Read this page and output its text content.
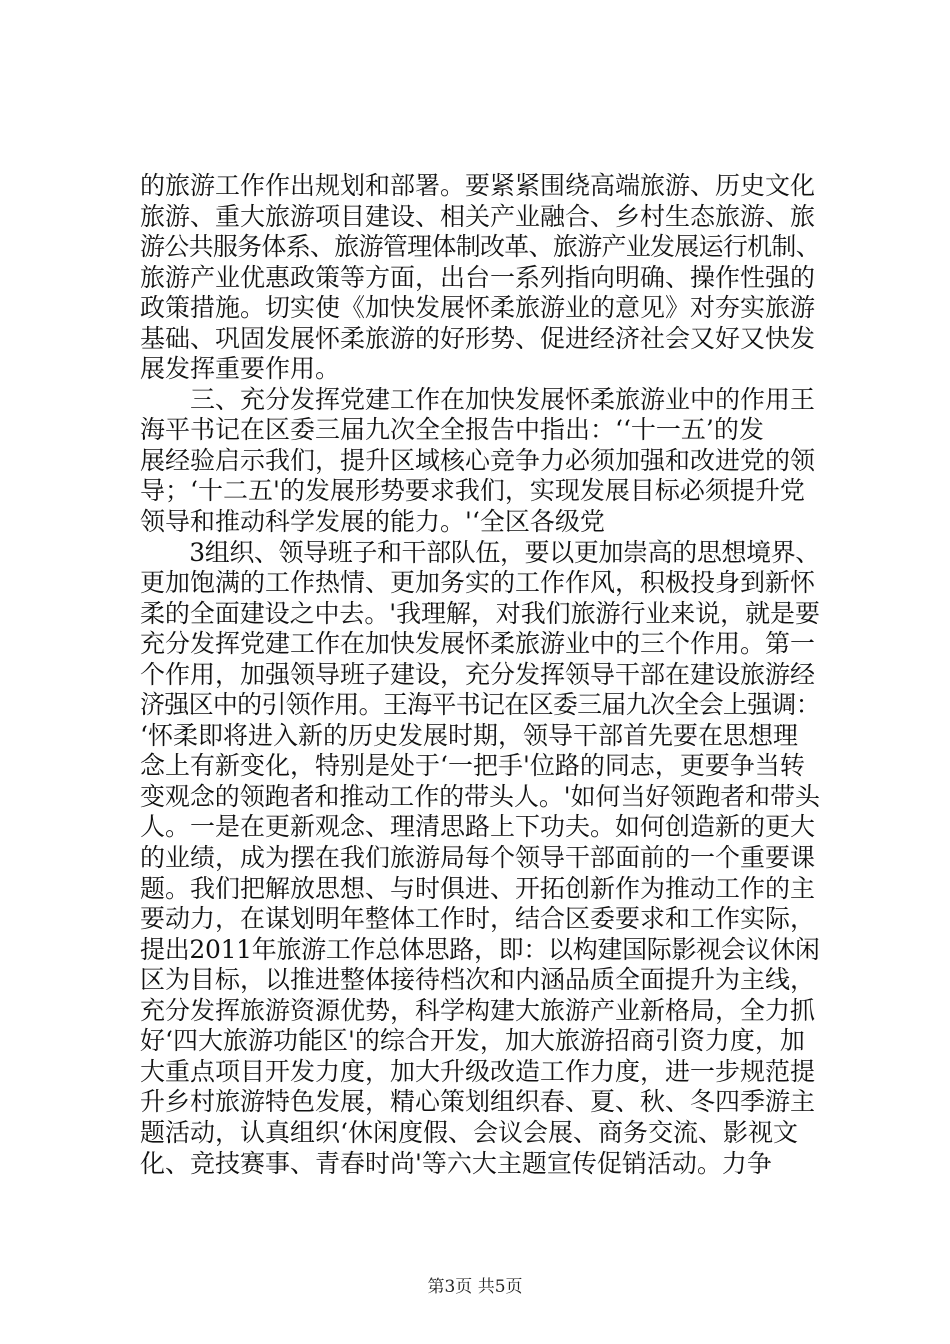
的旅游工作作出规划和部署。要紧紧围绕高端旅游、历史文化
旅游、重大旅游项目建设、相关产业融合、乡村生态旅游、旅
游公共服务体系、旅游管理体制改革、旅游产业发展运行机制、
旅游产业优惠政策等方面，出台一系列指向明确、操作性强的
政策措施。切实使《加快发展怀柔旅游业的意见》对夯实旅游
基础、巩固发展怀柔旅游的好形势、促进经济社会又好又快发
展发挥重要作用。
　　三、充分发挥党建工作在加快发展怀柔旅游业中的作用王
海平书记在区委三届九次全全报告中指出：‘‘十一五’的发
展经验启示我们，提升区域核心竞争力必须加强和改进党的领
导；‘十二五'的发展形势要求我们，实现发展目标必须提升党
领导和推动科学发展的能力。'‘全区各级党
　　3组织、领导班子和干部队伍，要以更加崇高的思想境界、
更加饱满的工作热情、更加务实的工作作风，积极投身到新怀
柔的全面建设之中去。'我理解，对我们旅游行业来说，就是要
充分发挥党建工作在加快发展怀柔旅游业中的三个作用。第一
个作用，加强领导班子建设，充分发挥领导干部在建设旅游经
济强区中的引领作用。王海平书记在区委三届九次全会上强调：
‘怀柔即将进入新的历史发展时期，领导干部首先要在思想理
念上有新变化，特别是处于‘一把手'位路的同志，更要争当转
变观念的领跑者和推动工作的带头人。'如何当好领跑者和带头
人。一是在更新观念、理清思路上下功夫。如何创造新的更大
的业绩，成为摆在我们旅游局每个领导干部面前的一个重要课
题。我们把解放思想、与时俱进、开拓创新作为推动工作的主
要动力，在谋划明年整体工作时，结合区委要求和工作实际，
提出2011年旅游工作总体思路，即：以构建国际影视会议休闲
区为目标，以推进整体接待档次和内涵品质全面提升为主线，
充分发挥旅游资源优势，科学构建大旅游产业新格局，全力抓
好‘四大旅游功能区'的综合开发，加大旅游招商引资力度，加
大重点项目开发力度，加大升级改造工作力度，进一步规范提
升乡村旅游特色发展，精心策划组织春、夏、秋、冬四季游主
题活动，认真组织‘休闲度假、会议会展、商务交流、影视文
化、竞技赛事、青春时尚'等六大主题宣传促销活动。力争
第3页 共5页
